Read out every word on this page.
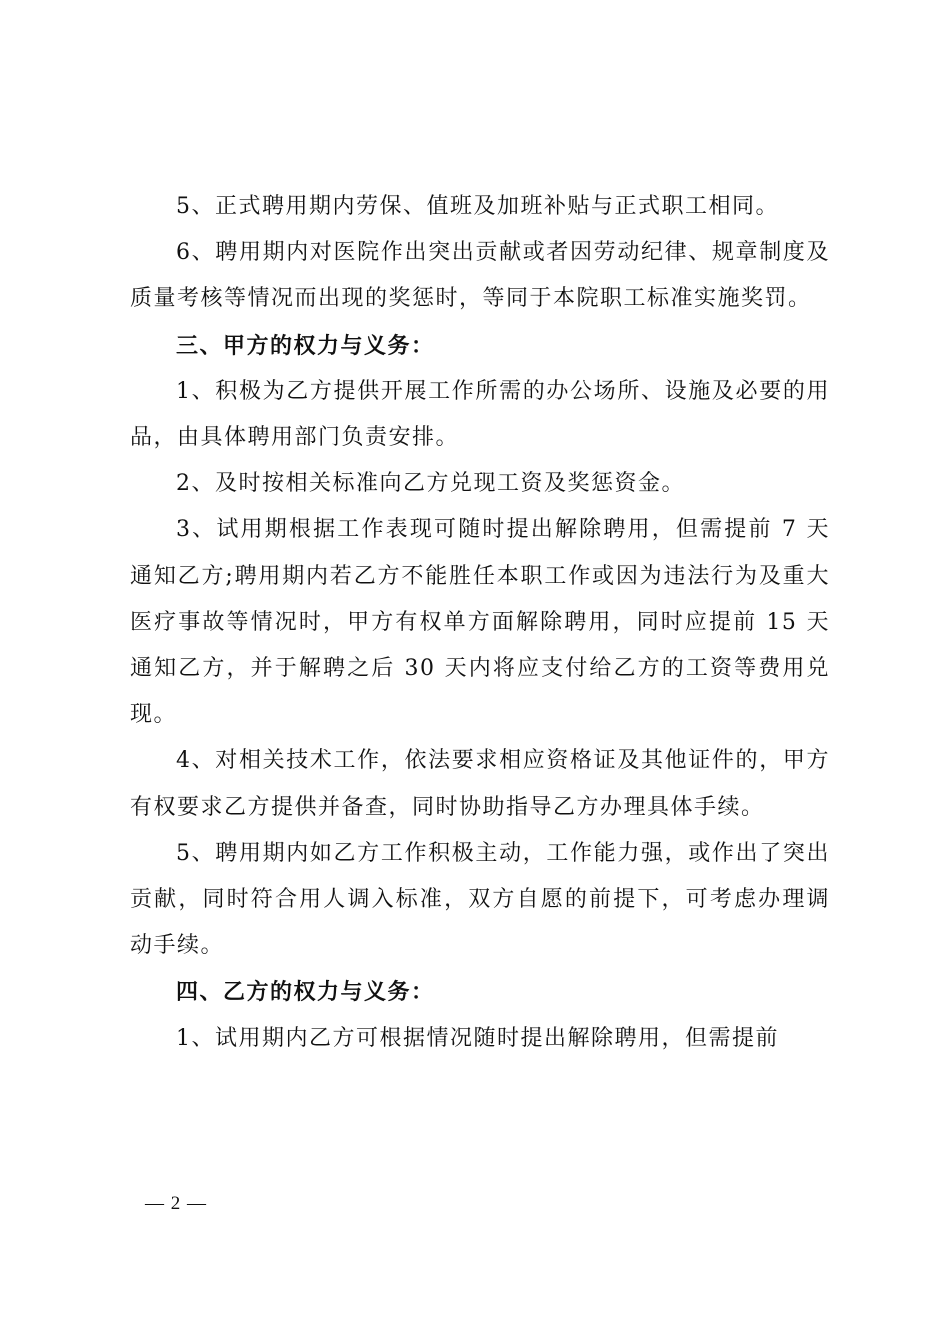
5、正式聘用期内劳保、值班及加班补贴与正式职工相同。

6、聘用期内对医院作出突出贡献或者因劳动纪律、规章制度及质量考核等情况而出现的奖惩时，等同于本院职工标准实施奖罚。

三、甲方的权力与义务：

1、积极为乙方提供开展工作所需的办公场所、设施及必要的用品，由具体聘用部门负责安排。

2、及时按相关标准向乙方兑现工资及奖惩资金。

3、试用期根据工作表现可随时提出解除聘用，但需提前 7 天通知乙方;聘用期内若乙方不能胜任本职工作或因为违法行为及重大医疗事故等情况时，甲方有权单方面解除聘用，同时应提前 15 天通知乙方，并于解聘之后 30 天内将应支付给乙方的工资等费用兑现。

4、对相关技术工作，依法要求相应资格证及其他证件的，甲方有权要求乙方提供并备查，同时协助指导乙方办理具体手续。

5、聘用期内如乙方工作积极主动，工作能力强，或作出了突出贡献，同时符合用人调入标准，双方自愿的前提下，可考虑办理调动手续。

四、乙方的权力与义务：

1、试用期内乙方可根据情况随时提出解除聘用，但需提前

— 2 —
